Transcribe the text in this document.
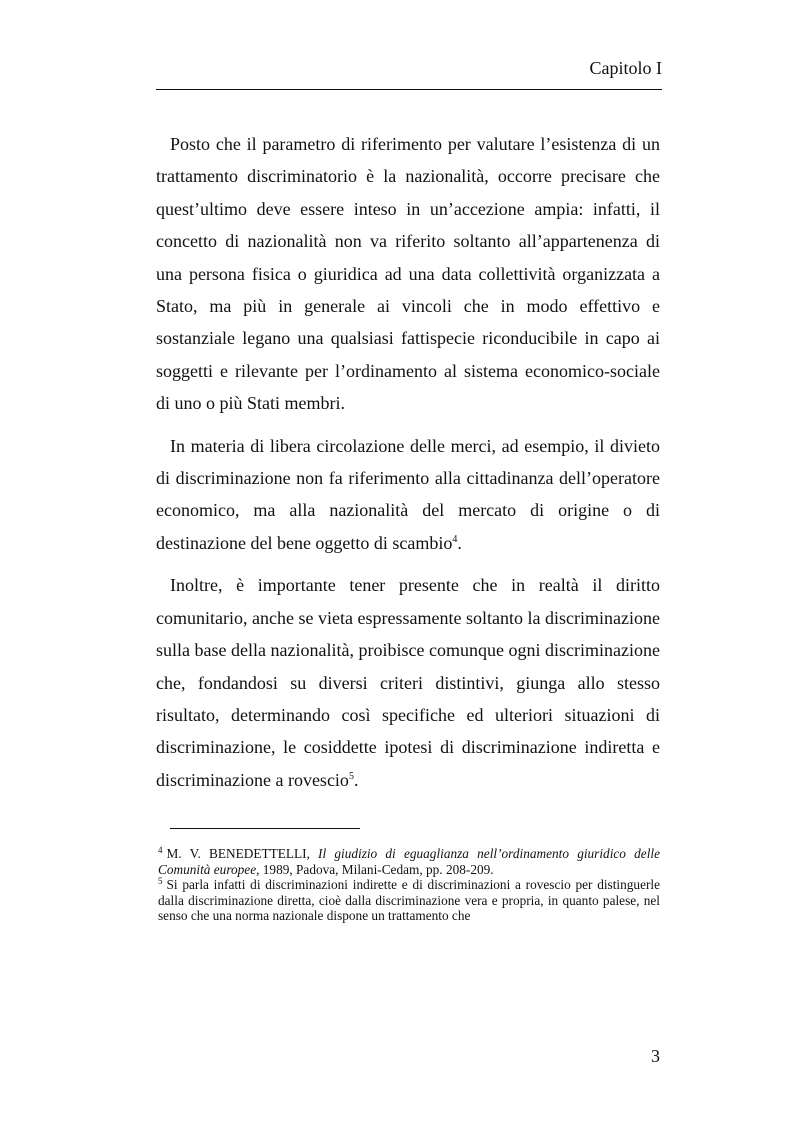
Capitolo I

Posto che il parametro di riferimento per valutare l’esistenza di un trattamento discriminatorio è la nazionalità, occorre precisare che quest’ultimo deve essere inteso in un’accezione ampia: infatti, il concetto di nazionalità non va riferito soltanto all’appartenenza di una persona fisica o giuridica ad una data collettività organizzata a Stato, ma più in generale ai vincoli che in modo effettivo e sostanziale legano una qualsiasi fattispecie riconducibile in capo ai soggetti e rilevante per l’ordinamento al sistema economico-sociale di uno o più Stati membri.

In materia di libera circolazione delle merci, ad esempio, il divieto di discriminazione non fa riferimento alla cittadinanza dell’operatore economico, ma alla nazionalità del mercato di origine o di destinazione del bene oggetto di scambio$^4$.

Inoltre, è importante tener presente che in realtà il diritto comunitario, anche se vieta espressamente soltanto la discriminazione sulla base della nazionalità, proibisce comunque ogni discriminazione che, fondandosi su diversi criteri distintivi, giunga allo stesso risultato, determinando così specifiche ed ulteriori situazioni di discriminazione, le cosiddette ipotesi di discriminazione indiretta e discriminazione a rovescio$^5$.

$^4$ M. V. BENEDETTELLI, Il giudizio di eguaglianza nell’ordinamento giuridico delle Comunità europee, 1989, Padova, Milani-Cedam, pp. 208-209.

$^5$ Si parla infatti di discriminazioni indirette e di discriminazioni a rovescio per distinguerle dalla discriminazione diretta, cioè dalla discriminazione vera e propria, in quanto palese, nel senso che una norma nazionale dispone un trattamento che

3
